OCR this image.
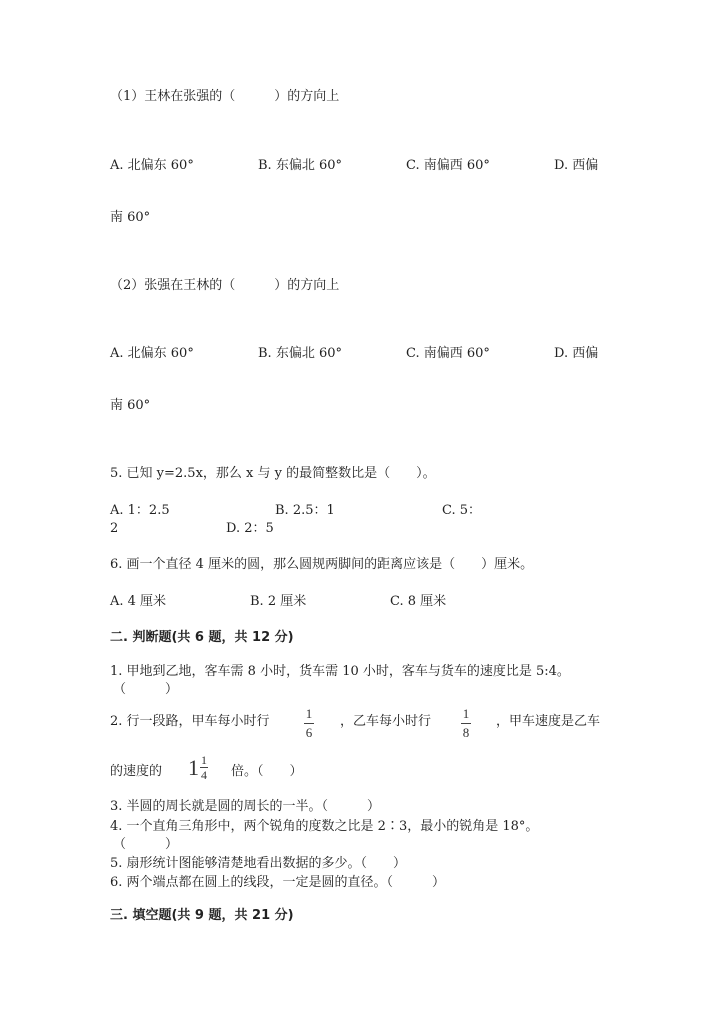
（1）王林在张强的（　　　）的方向上
A. 北偏东 60°	B. 东偏北 60°	C. 南偏西 60°	D. 西偏
南 60°
（2）张强在王林的（　　　）的方向上
A. 北偏东 60°	B. 东偏北 60°	C. 南偏西 60°	D. 西偏
南 60°
5. 已知 y=2.5x，那么 x 与 y 的最简整数比是（　　）。
A. 1：2.5	B. 2.5：1	C. 5：
2	D. 2：5
6. 画一个直径 4 厘米的圆，那么圆规两脚间的距离应该是（　　）厘米。
A. 4 厘米	B. 2 厘米	C. 8 厘米
二. 判断题(共 6 题，共 12 分)
1. 甲地到乙地，客车需 8 小时，货车需 10 小时，客车与货车的速度比是 5:4。
（　　　）
2. 行一段路，甲车每小时行
1
6
，乙车每小时行
1
8
，甲车速度是乙车
的速度的 $1 \frac{1}{4}$ 倍。（　　）
3. 半圆的周长就是圆的周长的一半。（　　　）
4. 一个直角三角形中，两个锐角的度数之比是 2∶3，最小的锐角是 18°。
（　　　）
5. 扇形统计图能够清楚地看出数据的多少。（　　）
6. 两个端点都在圆上的线段，一定是圆的直径。（　　　）
三. 填空题(共 9 题，共 21 分)
